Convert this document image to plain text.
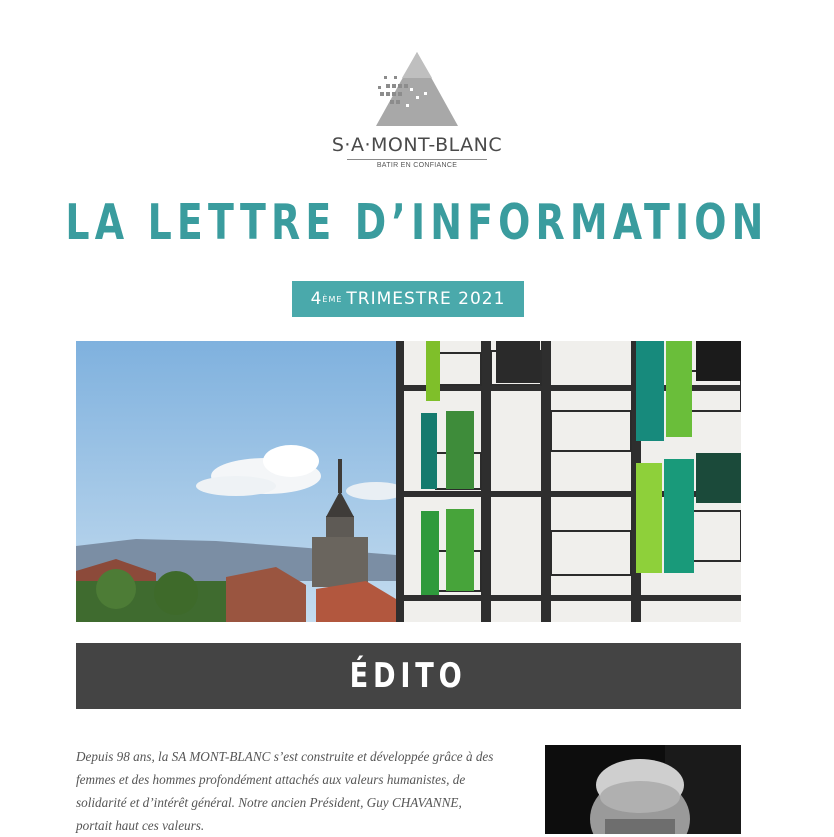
S·A·MONT-BLANC
BATIR EN CONFIANCE
LA LETTRE D’INFORMATION
4 ÈME TRIMESTRE 2021
ÉDITO
Depuis 98 ans, la SA MONT-BLANC s’est construite et développée grâce à des femmes et des hommes profondément attachés aux valeurs humanistes, de solidarité et d’intérêt général. Notre ancien Président, Guy CHAVANNE, portait haut ces valeurs.
